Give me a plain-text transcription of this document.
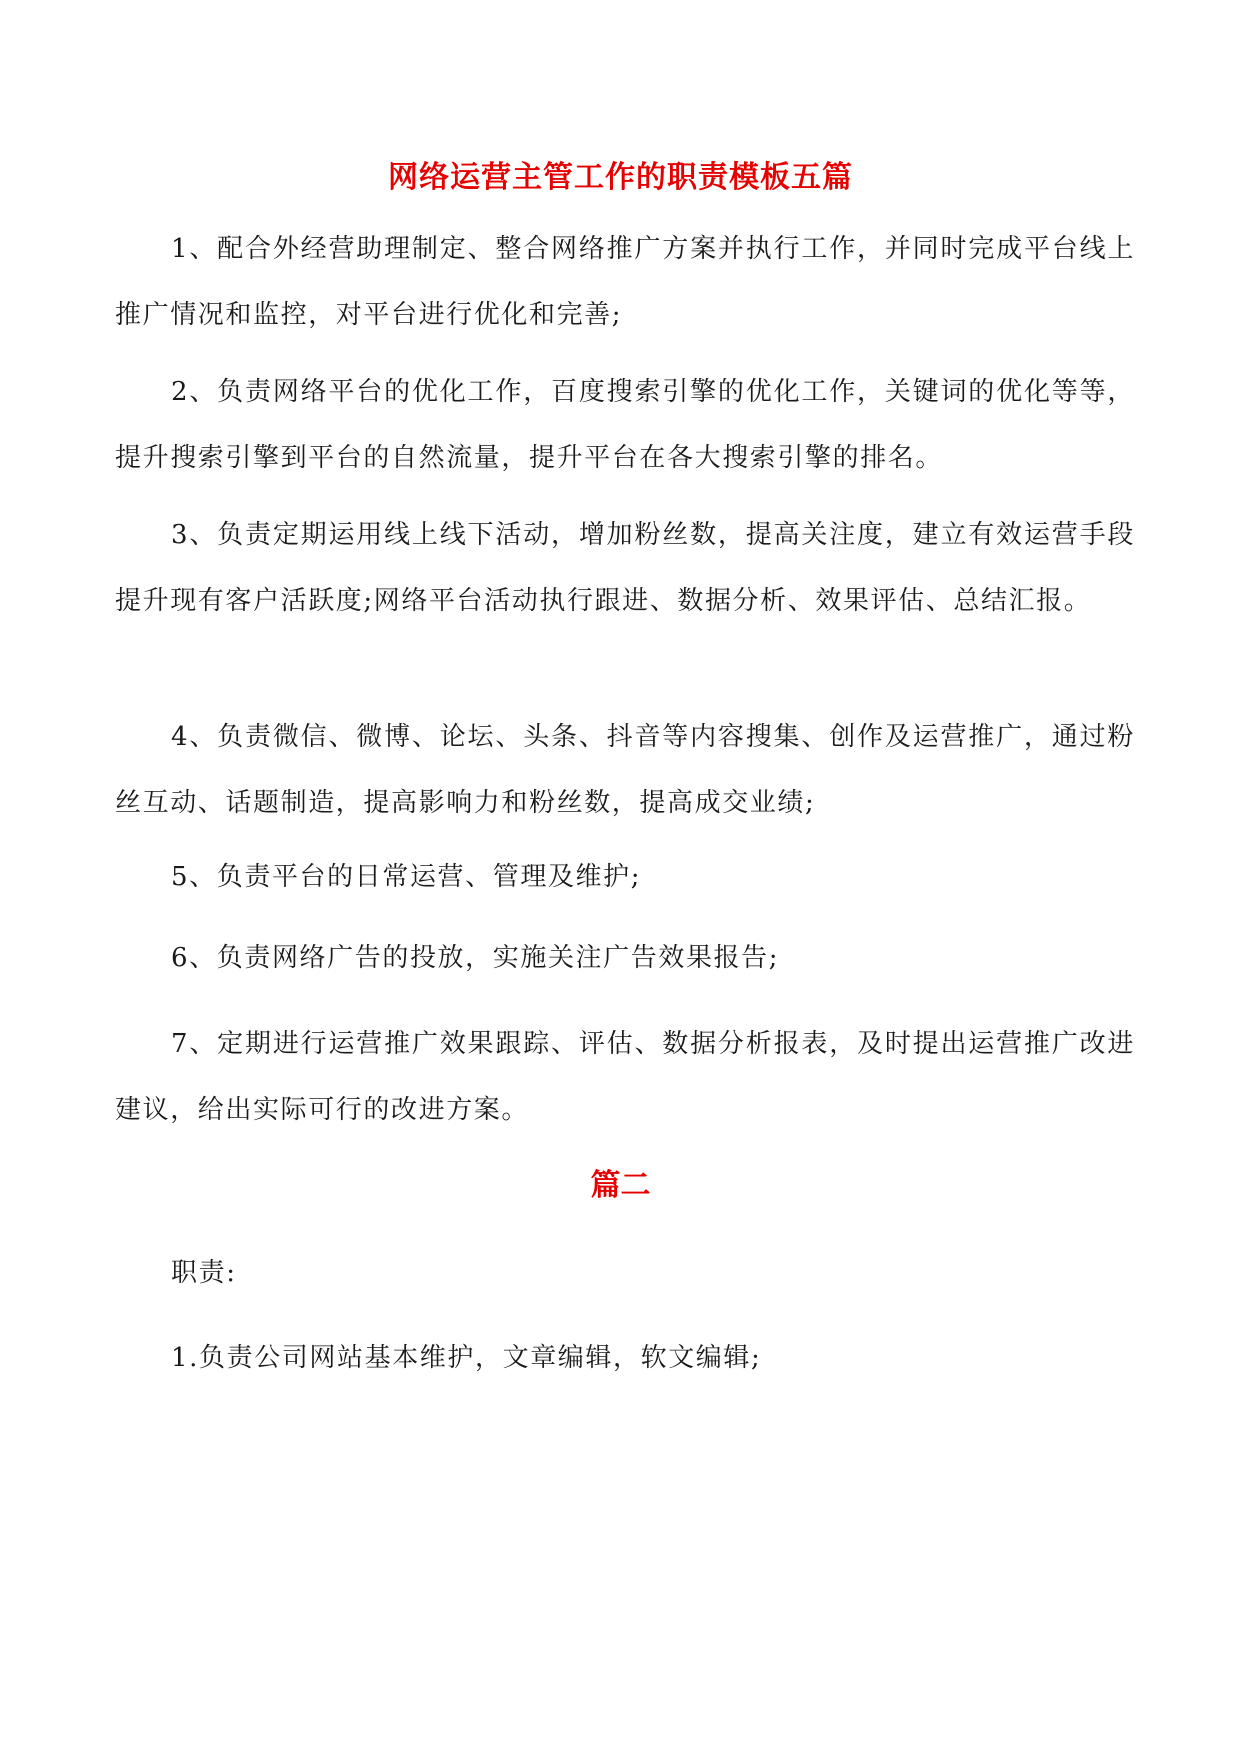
网络运营主管工作的职责模板五篇

1、配合外经营助理制定、整合网络推广方案并执行工作，并同时完成平台线上推广情况和监控，对平台进行优化和完善;

2、负责网络平台的优化工作，百度搜索引擎的优化工作，关键词的优化等等，提升搜索引擎到平台的自然流量，提升平台在各大搜索引擎的排名。

3、负责定期运用线上线下活动，增加粉丝数，提高关注度，建立有效运营手段提升现有客户活跃度;网络平台活动执行跟进、数据分析、效果评估、总结汇报。

4、负责微信、微博、论坛、头条、抖音等内容搜集、创作及运营推广，通过粉丝互动、话题制造，提高影响力和粉丝数，提高成交业绩;

5、负责平台的日常运营、管理及维护;

6、负责网络广告的投放，实施关注广告效果报告;

7、定期进行运营推广效果跟踪、评估、数据分析报表，及时提出运营推广改进建议，给出实际可行的改进方案。

篇二

职责:

1.负责公司网站基本维护，文章编辑，软文编辑;
